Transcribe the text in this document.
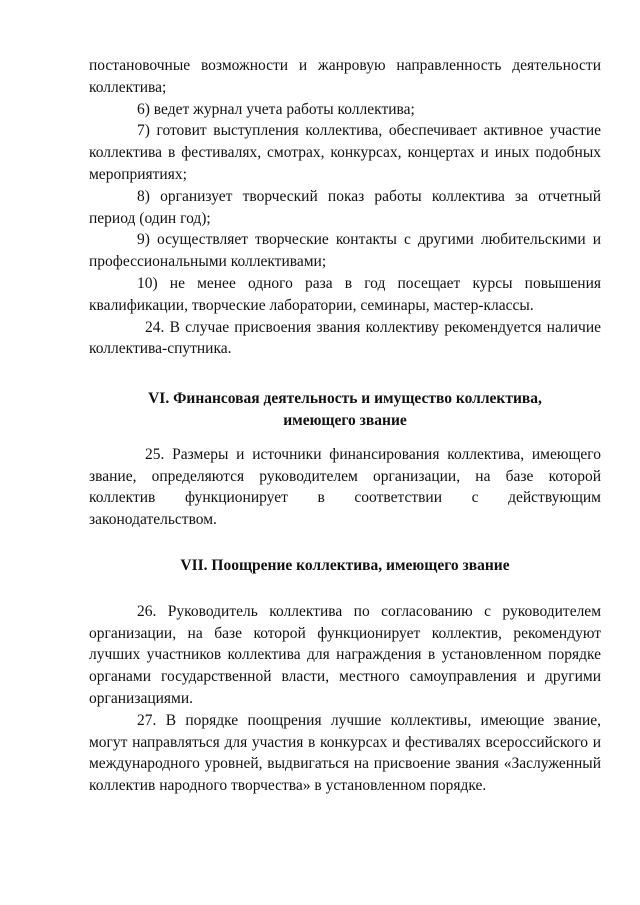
постановочные возможности и жанровую направленность деятельности коллектива;

6) ведет журнал учета работы коллектива;

7) готовит выступления коллектива, обеспечивает активное участие коллектива в фестивалях, смотрах, конкурсах, концертах и иных подобных мероприятиях;

8) организует творческий показ работы коллектива за отчетный период (один год);

9) осуществляет творческие контакты с другими любительскими и профессиональными коллективами;

10) не менее одного раза в год посещает курсы повышения квалификации, творческие лаборатории, семинары, мастер-классы.

24. В случае присвоения звания коллективу рекомендуется наличие коллектива-спутника.

VI. Финансовая деятельность и имущество коллектива,
имеющего звание

25. Размеры и источники финансирования коллектива, имеющего звание, определяются руководителем организации, на базе которой коллектив функционирует в соответствии с действующим законодательством.

VII. Поощрение коллектива, имеющего звание

26. Руководитель коллектива по согласованию с руководителем организации, на базе которой функционирует коллектив, рекомендуют лучших участников коллектива для награждения в установленном порядке органами государственной власти, местного самоуправления и другими организациями.

27. В порядке поощрения лучшие коллективы, имеющие звание, могут направляться для участия в конкурсах и фестивалях всероссийского и международного уровней, выдвигаться на присвоение звания «Заслуженный коллектив народного творчества» в установленном порядке.
